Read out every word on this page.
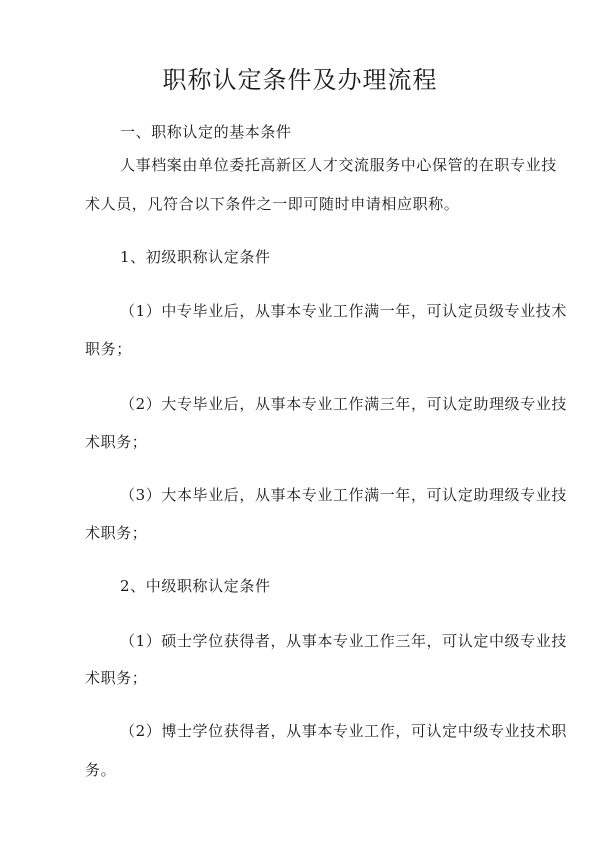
职称认定条件及办理流程
一、职称认定的基本条件
人事档案由单位委托高新区人才交流服务中心保管的在职专业技
术人员，凡符合以下条件之一即可随时申请相应职称。
1、初级职称认定条件
（1）中专毕业后，从事本专业工作满一年，可认定员级专业技术
职务；
（2）大专毕业后，从事本专业工作满三年，可认定助理级专业技
术职务；
（3）大本毕业后，从事本专业工作满一年，可认定助理级专业技
术职务；
2、中级职称认定条件
（1）硕士学位获得者，从事本专业工作三年，可认定中级专业技
术职务；
（2）博士学位获得者，从事本专业工作，可认定中级专业技术职
务。
